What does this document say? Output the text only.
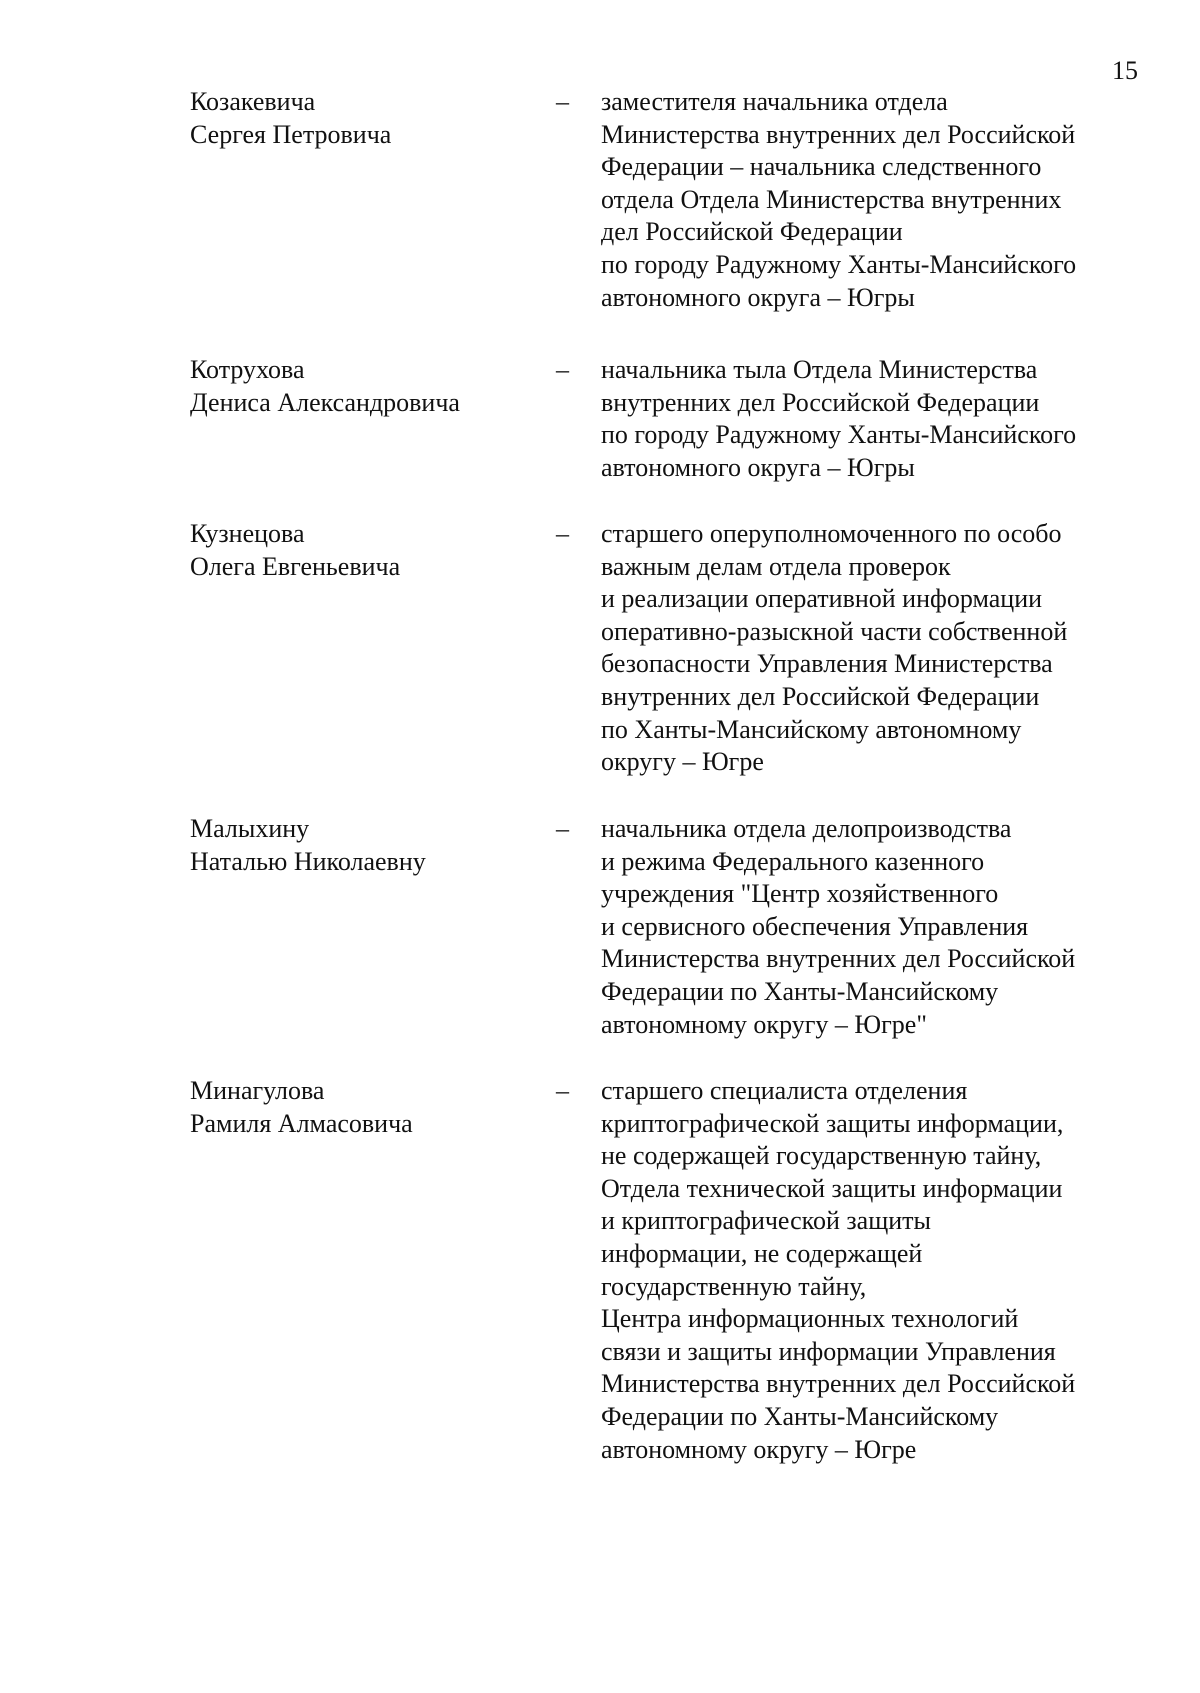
15
Козакевича
Сергея Петровича
– заместителя начальника отдела
Министерства внутренних дел Российской
Федерации – начальника следственного
отдела Отдела Министерства внутренних
дел Российской Федерации
по городу Радужному Ханты-Мансийского
автономного округа – Югры
Котрухова
Дениса Александровича
– начальника тыла Отдела Министерства
внутренних дел Российской Федерации
по городу Радужному Ханты-Мансийского
автономного округа – Югры
Кузнецова
Олега Евгеньевича
– старшего оперуполномоченного по особо
важным делам отдела проверок
и реализации оперативной информации
оперативно-разыскной части собственной
безопасности Управления Министерства
внутренних дел Российской Федерации
по Ханты-Мансийскому автономному
округу – Югре
Малыхину
Наталью Николаевну
– начальника отдела делопроизводства
и режима Федерального казенного
учреждения "Центр хозяйственного
и сервисного обеспечения Управления
Министерства внутренних дел Российской
Федерации по Ханты-Мансийскому
автономному округу – Югре"
Минагулова
Рамиля Алмасовича
– старшего специалиста отделения
криптографической защиты информации,
не содержащей государственную тайну,
Отдела технической защиты информации
и криптографической защиты
информации, не содержащей
государственную тайну,
Центра информационных технологий
связи и защиты информации Управления
Министерства внутренних дел Российской
Федерации по Ханты-Мансийскому
автономному округу – Югре
